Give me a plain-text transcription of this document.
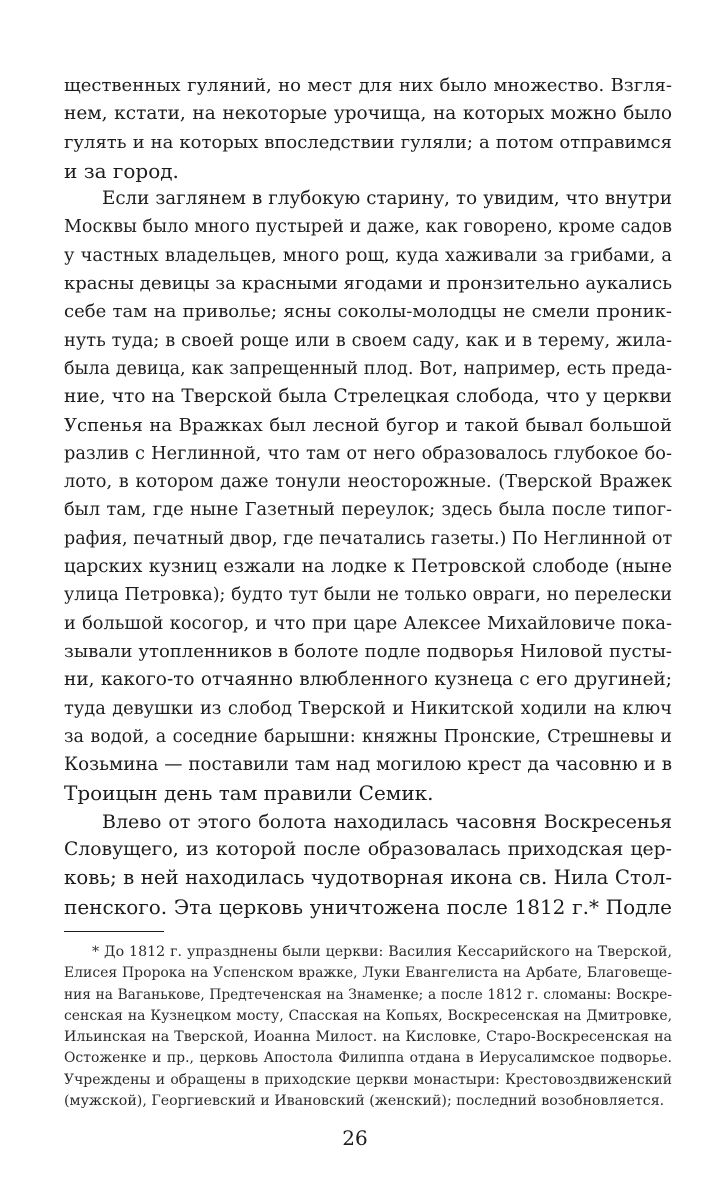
щественных гуляний, но мест для них было множество. Взгля-
нем, кстати, на некоторые урочища, на которых можно было
гулять и на которых впоследствии гуляли; а потом отправимся
и за город.
Если заглянем в глубокую старину, то увидим, что внутри
Москвы было много пустырей и даже, как говорено, кроме садов
у частных владельцев, много рощ, куда хаживали за грибами, а
красны девицы за красными ягодами и пронзительно аукались
себе там на приволье; ясны соколы-молодцы не смели проник-
нуть туда; в своей роще или в своем саду, как и в терему, жила-
была девица, как запрещенный плод. Вот, например, есть преда-
ние, что на Тверской была Стрелецкая слобода, что у церкви
Успенья на Вражках был лесной бугор и такой бывал большой
разлив с Неглинной, что там от него образовалось глубокое бо-
лото, в котором даже тонули неосторожные. (Тверской Вражек
был там, где ныне Газетный переулок; здесь была после типог-
рафия, печатный двор, где печатались газеты.) По Неглинной от
царских кузниц езжали на лодке к Петровской слободе (ныне
улица Петровка); будто тут были не только овраги, но перелески
и большой косогор, и что при царе Алексее Михайловиче пока-
зывали утопленников в болоте подле подворья Ниловой пусты-
ни, какого-то отчаянно влюбленного кузнеца с его другиней;
туда девушки из слобод Тверской и Никитской ходили на ключ
за водой, а соседние барышни: княжны Пронские, Стрешневы и
Козьмина — поставили там над могилою крест да часовню и в
Троицын день там правили Семик.
Влево от этого болота находилась часовня Воскресенья
Словущего, из которой после образовалась приходская цер-
ковь; в ней находилась чудотворная икона св. Нила Стол-
пенского. Эта церковь уничтожена после 1812 г.* Подле
* До 1812 г. упразднены были церкви: Василия Кессарийского на Тверской,
Елисея Пророка на Успенском вражке, Луки Евангелиста на Арбате, Благовеще-
ния на Ваганькове, Предтеченская на Знаменке; а после 1812 г. сломаны: Воскре-
сенская на Кузнецком мосту, Спасская на Копьях, Воскресенская на Дмитровке,
Ильинская на Тверской, Иоанна Милост. на Кисловке, Старо-Воскресенская на
Остоженке и пр., церковь Апостола Филиппа отдана в Иерусалимское подворье.
Учреждены и обращены в приходские церкви монастыри: Крестовоздвиженский
(мужской), Георгиевский и Ивановский (женский); последний возобновляется.
26
